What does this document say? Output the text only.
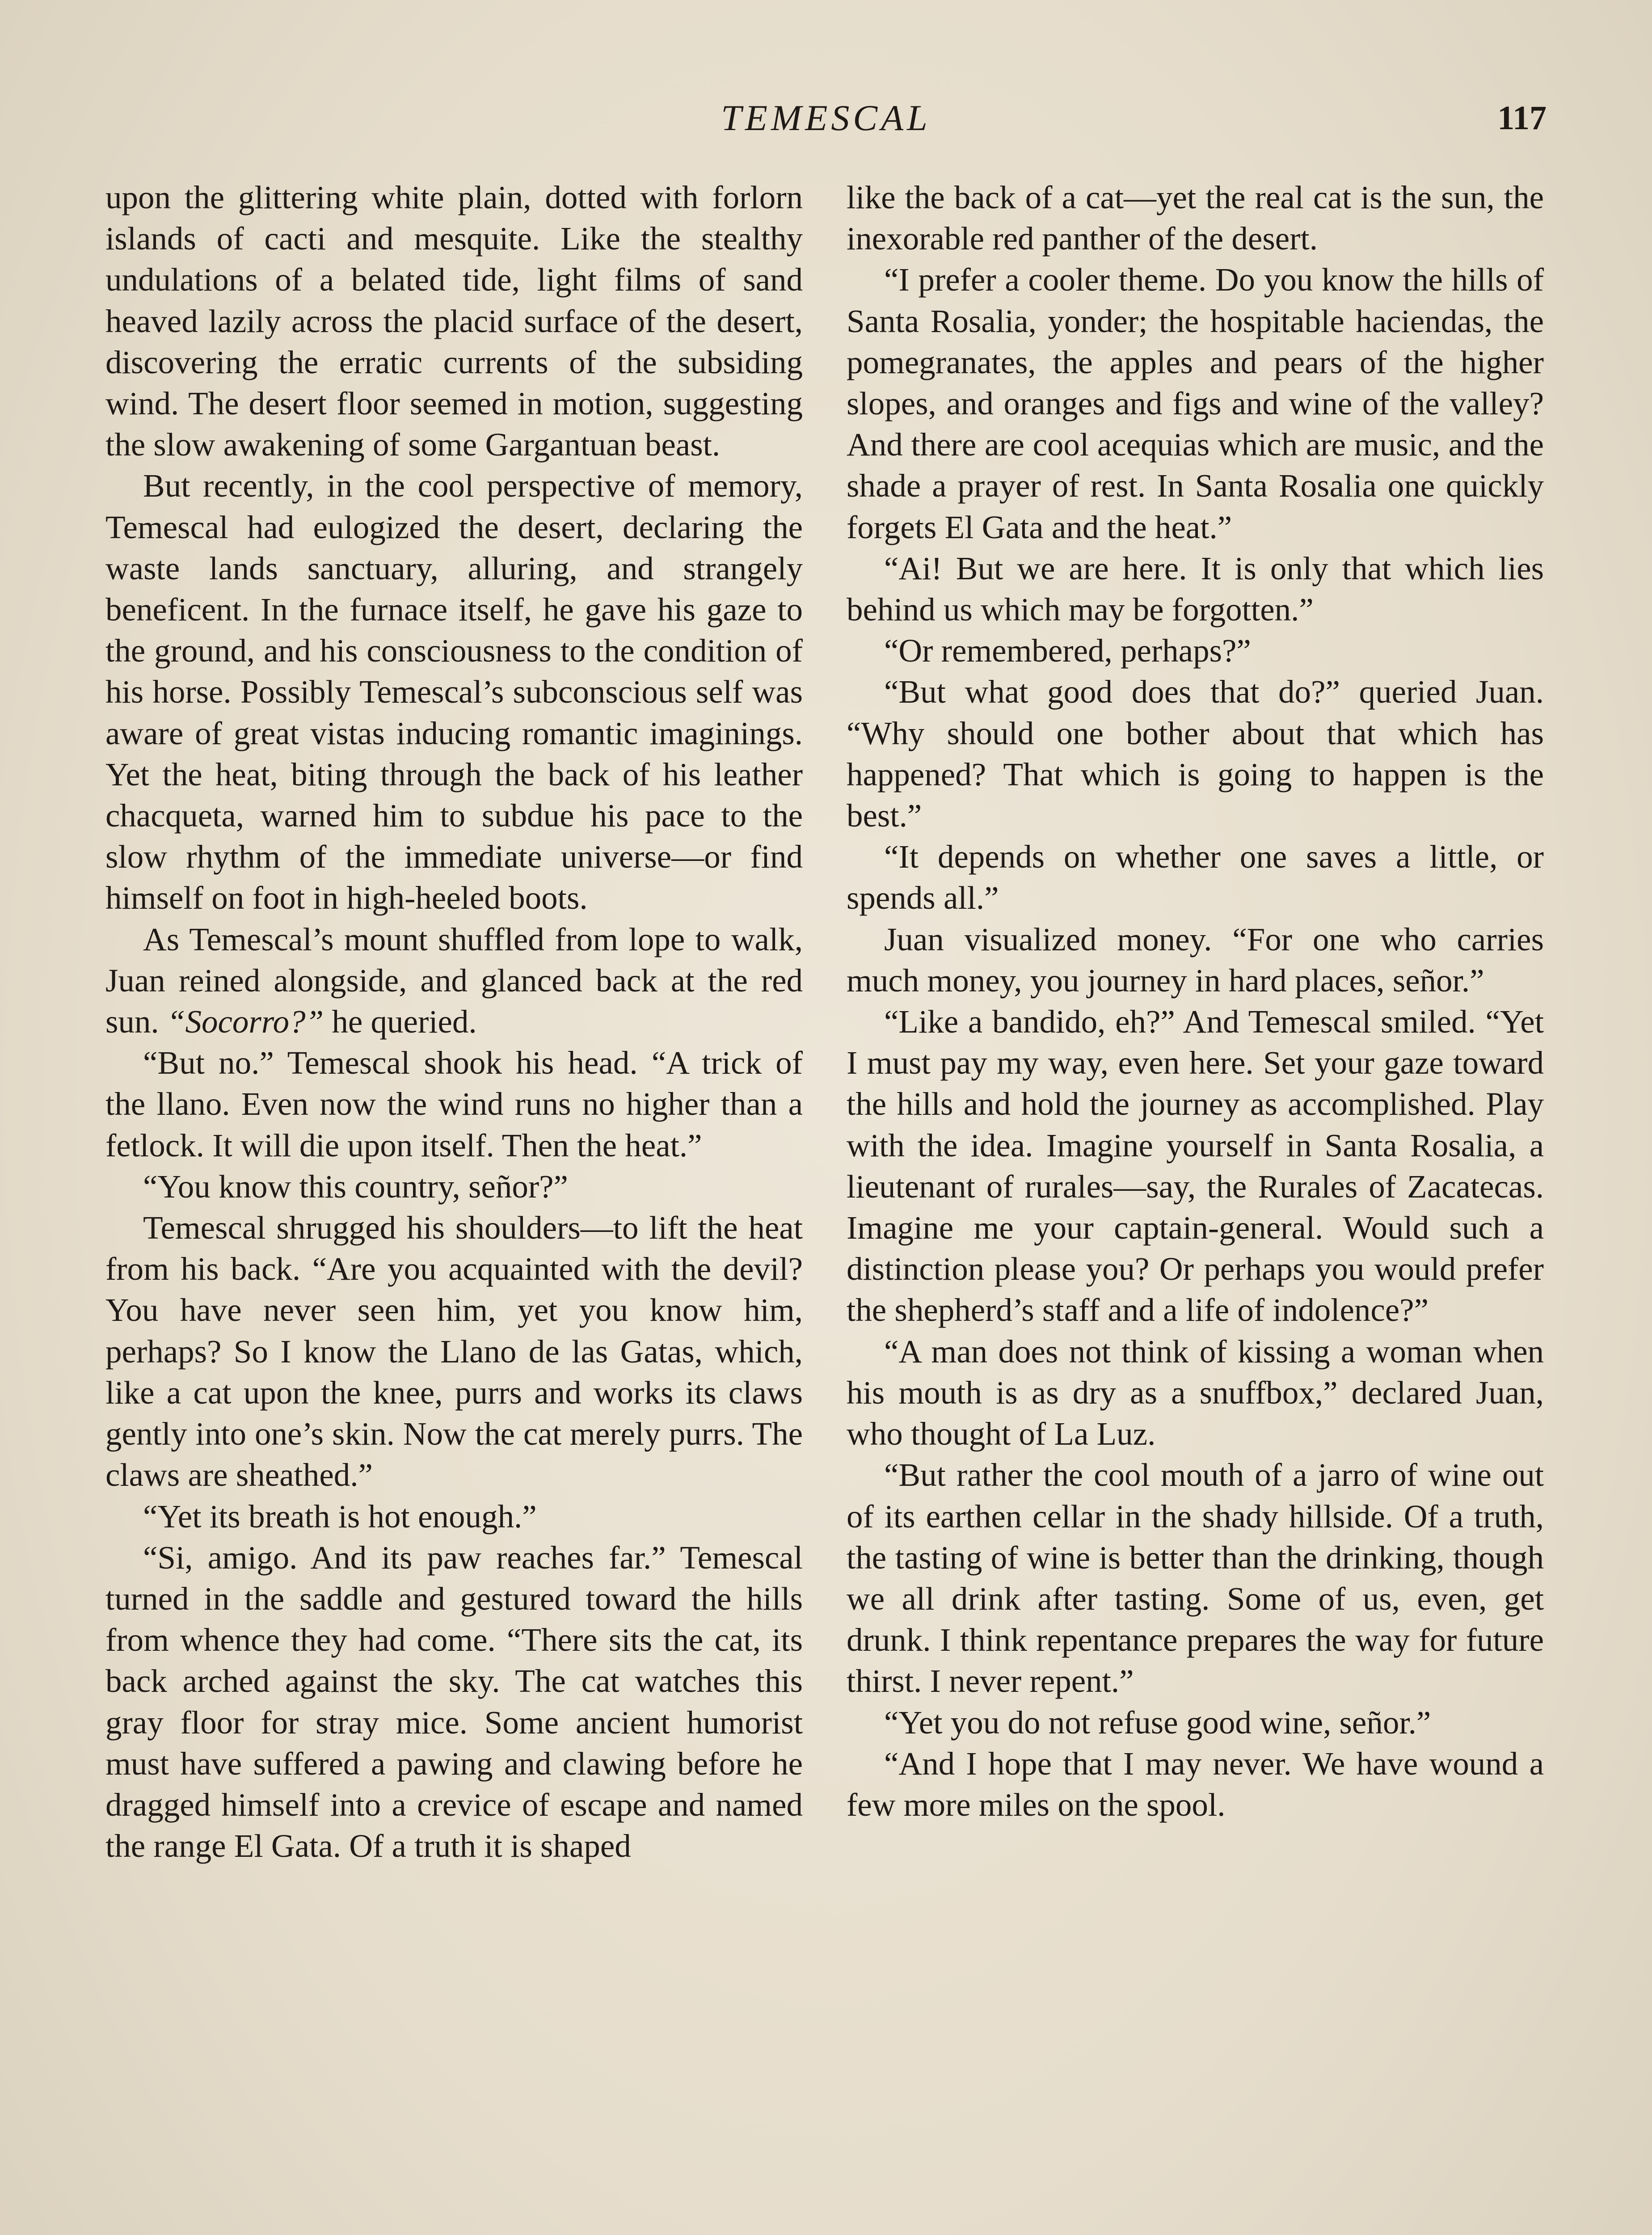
TEMESCAL	117

upon the glittering white plain, dotted with forlorn islands of cacti and mesquite. Like the stealthy undulations of a belated tide, light films of sand heaved lazily across the placid surface of the desert, discovering the erratic currents of the subsiding wind. The desert floor seemed in motion, suggesting the slow awakening of some Gargantuan beast.

But recently, in the cool perspective of memory, Temescal had eulogized the desert, declaring the waste lands sanctuary, alluring, and strangely beneficent. In the furnace itself, he gave his gaze to the ground, and his consciousness to the condition of his horse. Possibly Temescal’s subconscious self was aware of great vistas inducing romantic imaginings. Yet the heat, biting through the back of his leather chacqueta, warned him to subdue his pace to the slow rhythm of the immediate universe—or find himself on foot in high-heeled boots.

As Temescal’s mount shuffled from lope to walk, Juan reined alongside, and glanced back at the red sun. “Socorro?” he queried.

“But no.” Temescal shook his head. “A trick of the llano. Even now the wind runs no higher than a fetlock. It will die upon itself. Then the heat.”

“You know this country, señor?”

Temescal shrugged his shoulders—to lift the heat from his back. “Are you acquainted with the devil? You have never seen him, yet you know him, perhaps? So I know the Llano de las Gatas, which, like a cat upon the knee, purrs and works its claws gently into one’s skin. Now the cat merely purrs. The claws are sheathed.”

“Yet its breath is hot enough.”

“Si, amigo. And its paw reaches far.” Temescal turned in the saddle and gestured toward the hills from whence they had come. “There sits the cat, its back arched against the sky. The cat watches this gray floor for stray mice. Some ancient humorist must have suffered a pawing and clawing before he dragged himself into a crevice of escape and named the range El Gata. Of a truth it is shaped

like the back of a cat—yet the real cat is the sun, the inexorable red panther of the desert.

“I prefer a cooler theme. Do you know the hills of Santa Rosalia, yonder; the hospitable haciendas, the pomegranates, the apples and pears of the higher slopes, and oranges and figs and wine of the valley? And there are cool acequias which are music, and the shade a prayer of rest. In Santa Rosalia one quickly forgets El Gata and the heat.”

“Ai! But we are here. It is only that which lies behind us which may be forgotten.”

“Or remembered, perhaps?”

“But what good does that do?” queried Juan. “Why should one bother about that which has happened? That which is going to happen is the best.”

“It depends on whether one saves a little, or spends all.”

Juan visualized money. “For one who carries much money, you journey in hard places, señor.”

“Like a bandido, eh?” And Temescal smiled. “Yet I must pay my way, even here. Set your gaze toward the hills and hold the journey as accomplished. Play with the idea. Imagine yourself in Santa Rosalia, a lieutenant of rurales—say, the Rurales of Zacatecas. Imagine me your captain-general. Would such a distinction please you? Or perhaps you would prefer the shepherd’s staff and a life of indolence?”

“A man does not think of kissing a woman when his mouth is as dry as a snuffbox,” declared Juan, who thought of La Luz.

“But rather the cool mouth of a jarro of wine out of its earthen cellar in the shady hillside. Of a truth, the tasting of wine is better than the drinking, though we all drink after tasting. Some of us, even, get drunk. I think repentance prepares the way for future thirst. I never repent.”

“Yet you do not refuse good wine, señor.”

“And I hope that I may never. We have wound a few more miles on the spool.
